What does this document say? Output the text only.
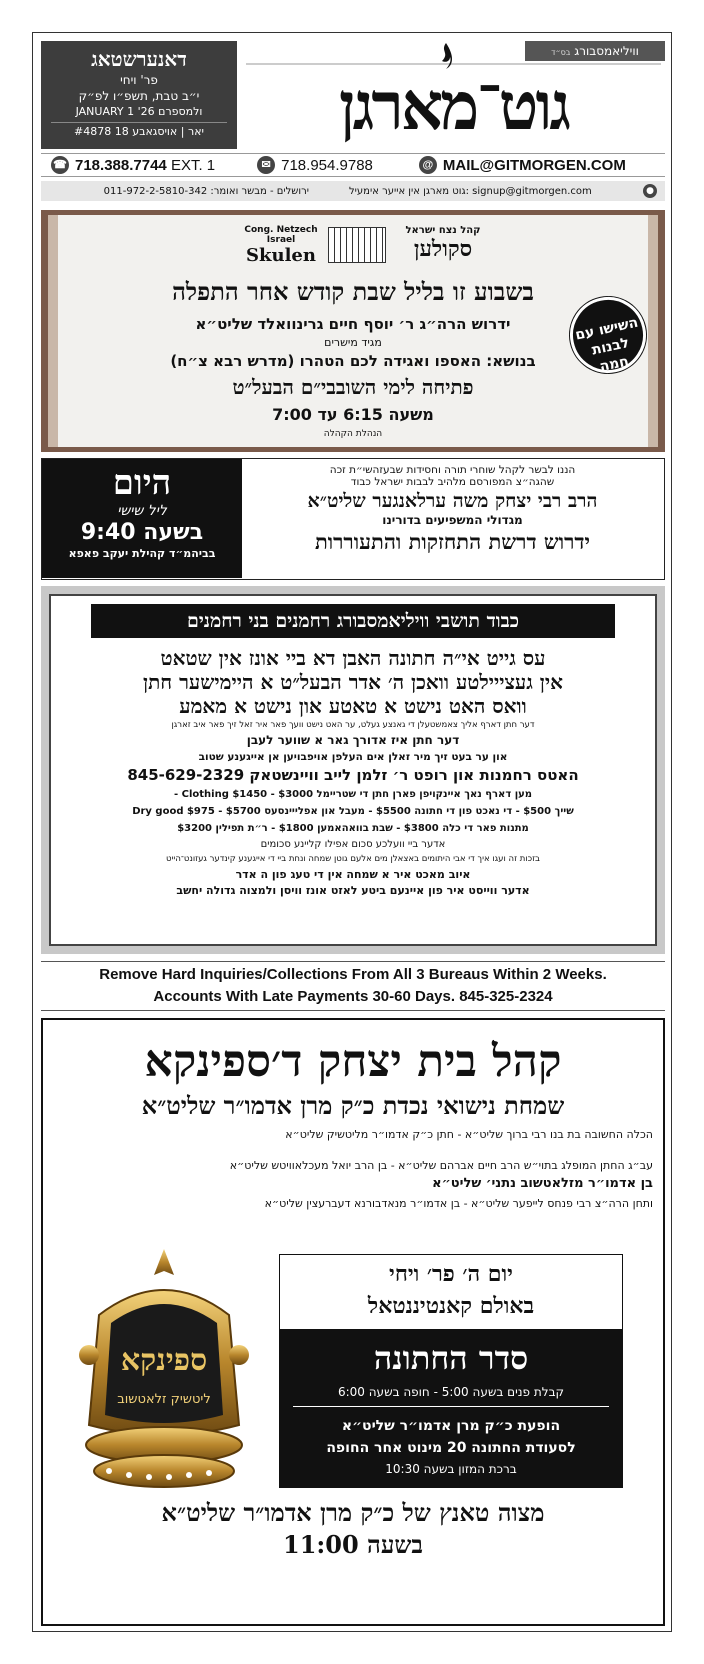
דאנערשטאג
פר' ויחי
י״ב טבת, תשפ״ו לפ״ק
JANUARY 1 '26 ולמספרם
#4878 18 יאר | אויסגאבע
וויליאמסבורג בס״ד
גוט־מארגן
☎ 718.388.7744
EXT. 1	✉ 718.954.9788	@ MAIL@GITMORGEN.COM
ירושלים - מבשר ואומר: 011-972-2-5810-342	signup@gitmorgen.com :גוט מארגן אין אייער אימעיל	●
Cong. Netzech Israel
Skulen
קהל נצח ישראל
סקולען
בשבוע זו בליל שבת קודש אחר התפלה
ידרוש הרה״ג ר׳ יוסף חיים גרינוואלד שליט״א
מגיד מישרים
בנושא: האספו ואגידה לכם הטהרו (מדרש רבא צ״ח)
פתיחה לימי השובבי״ם הבעל״ט
משעה 6:15 עד 7:00
הנהלת הקהלה
השישו עם לבנות חמה
היום
ליל שישי
בשעה 9:40
בביהמ״ד קהילת יעקב פאפא
הננו לבשר לקהל שוחרי תורה וחסידות שבעזהשי״ת זכה
שהגה״צ המפורסם מלהיב לבבות ישראל כבוד
הרב רבי יצחק משה ערלאנגער שליט״א
מגדולי המשפיעים בדורינו
ידרוש דרשת התחזקות והתעוררות
כבוד תושבי וויליאמסבורג רחמנים בני רחמנים
עס גייט אי״ה חתונה האבן דא ביי אונז אין שטאט
אין געצייילטע וואכן ה׳ אדר הבעל״ט א היימישער חתן
וואס האט נישט א טאטע און נישט א מאמע
דער חתן דארף אליך צאמשטעלן די גאנצע געלט, ער האט נישט וועך פאר איר זאל זיך פאר איב זארגן
דער חתן איז אדורך גאר א שווער לעבן
און ער בעט זיך מיר זאלן אים העלפן אויפבויען אן אייגענע שטוב
האטס רחמנות און רופט ר׳ זלמן לייב וויינשטאק 845-629-2329
מען דארף נאך איינקויפן פארן חתן די שטריימל $3000 - Clothing $1450 -
שייך $500 - די נאכט פון די חתונה $5500 - מעבל און אפלייינסעס $5700 - Dry good $975
מתנות פאר די כלה $3800 - שבת בוואהאמען $1800 - ר״ת תפילין $3200
אדער ביי וועלכע סכום אפילו קליינע סכומים
בזכות זה ועגו איך די אבי היתומים באצאלן מים אלעם גוטן שמחה ונחת ביי די אייגענע קינדער געזונט־הייט
איוב מאכט איר א שמחה אין די טעג פון ה אדר
אדער ווייסט איר פון איינעם ביטע לאזט אונז וויסן ולמצוה גדולה יחשב
Remove Hard Inquiries/Collections From All 3 Bureaus Within 2 Weeks.
Accounts With Late Payments 30-60 Days. 845-325-2324
קהל בית יצחק ד׳ספינקא
שמחת נישואי נכדת כ״ק מרן אדמו״ר שליט״א
הכלה החשובה בת בנו רבי ברוך שליט״א - חתן כ״ק אדמו״ר מליטשיק שליט״א
עב״ג החתן המופלג בתוי״ש הרב חיים אברהם שליט״א - בן הרב יואל מעכלאוויטש שליט״א
בן אדמו״ר מזלאטשוב נתני׳ שליט״א
ותחן הרה״צ רבי פנחס לייפער שליט״א - בן אדמו״ר מנאדבורנא דעברעצין שליט״א
ספינקא
ליטשיק זלאטשוב
יום ה׳ פר׳ ויחי
באולם קאנטיננטאל
סדר החתונה
קבלת פנים בשעה 5:00 - חופה בשעה 6:00
הופעת כ״ק מרן אדמו״ר שליט״א
לסעודת החתונה 20 מינוט אחר החופה
ברכת המזון בשעה 10:30
מצוה טאנץ של כ״ק מרן אדמו״ר שליט״א
בשעה 11:00
